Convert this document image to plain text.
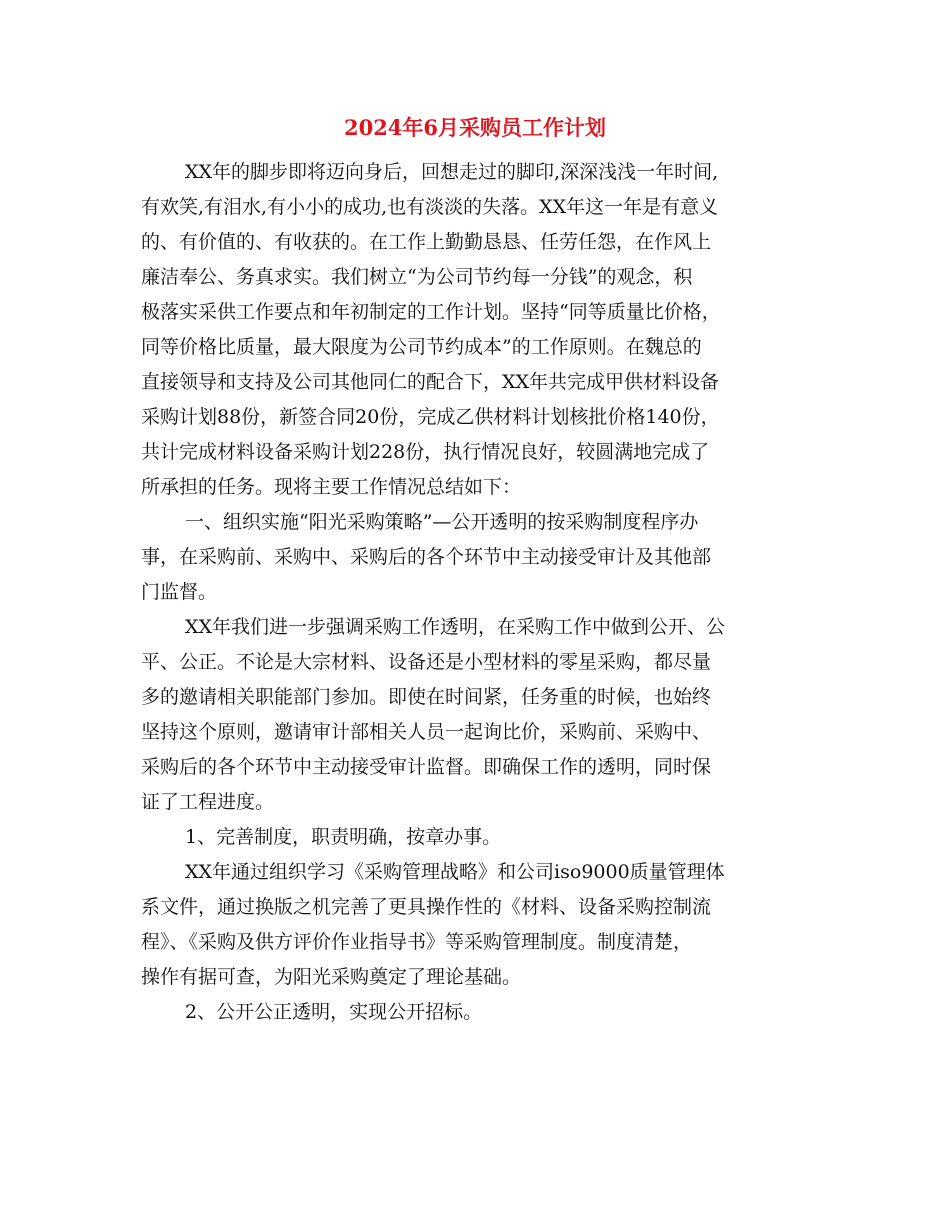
2024年6月采购员工作计划
XX年的脚步即将迈向身后，回想走过的脚印,深深浅浅一年时间,
有欢笑,有泪水,有小小的成功,也有淡淡的失落。XX年这一年是有意义
的、有价值的、有收获的。在工作上勤勤恳恳、任劳任怨，在作风上
廉洁奉公、务真求实。我们树立“为公司节约每一分钱”的观念，积
极落实采供工作要点和年初制定的工作计划。坚持“同等质量比价格，
同等价格比质量，最大限度为公司节约成本”的工作原则。在魏总的
直接领导和支持及公司其他同仁的配合下，XX年共完成甲供材料设备
采购计划88份，新签合同20份，完成乙供材料计划核批价格140份，
共计完成材料设备采购计划228份，执行情况良好，较圆满地完成了
所承担的任务。现将主要工作情况总结如下：
一、组织实施“阳光采购策略”—公开透明的按采购制度程序办
事，在采购前、采购中、采购后的各个环节中主动接受审计及其他部
门监督。
XX年我们进一步强调采购工作透明，在采购工作中做到公开、公
平、公正。不论是大宗材料、设备还是小型材料的零星采购，都尽量
多的邀请相关职能部门参加。即使在时间紧，任务重的时候，也始终
坚持这个原则，邀请审计部相关人员一起询比价，采购前、采购中、
采购后的各个环节中主动接受审计监督。即确保工作的透明，同时保
证了工程进度。
1、完善制度，职责明确，按章办事。
XX年通过组织学习《采购管理战略》和公司iso9000质量管理体
系文件，通过换版之机完善了更具操作性的《材料、设备采购控制流
程》、《采购及供方评价作业指导书》等采购管理制度。制度清楚，
操作有据可查，为阳光采购奠定了理论基础。
2、公开公正透明，实现公开招标。
